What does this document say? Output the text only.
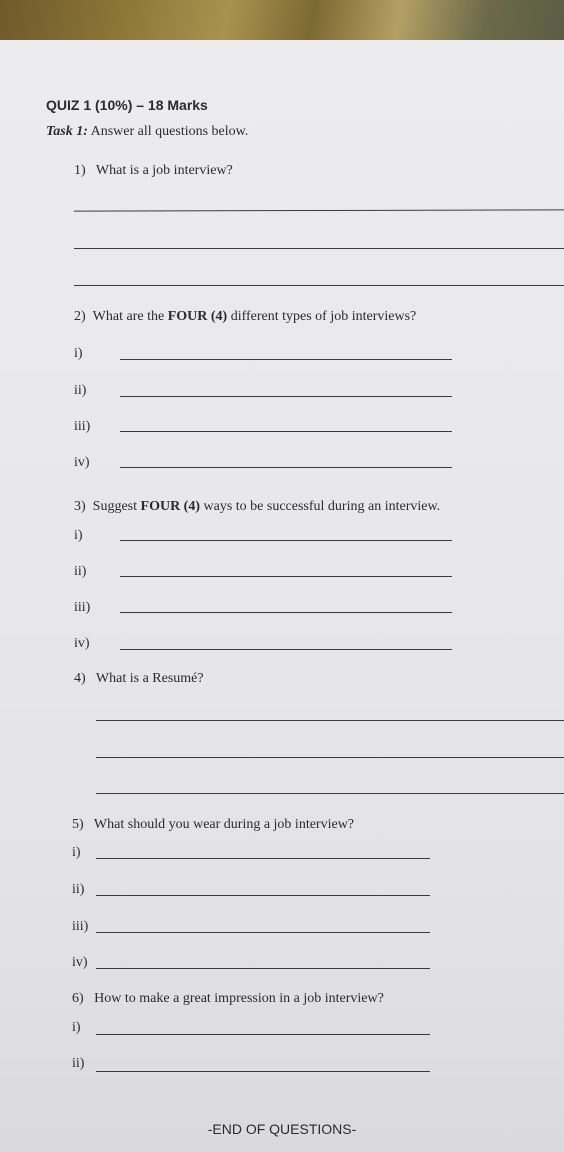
QUIZ 1 (10%) – 18 Marks
Task 1: Answer all questions below.
1) What is a job interview?
2) What are the FOUR (4) different types of job interviews?
i)
ii)
iii)
iv)
3) Suggest FOUR (4) ways to be successful during an interview.
i)
ii)
iii)
iv)
4) What is a Resumé?
5) What should you wear during a job interview?
i)
ii)
iii)
iv)
6) How to make a great impression in a job interview?
i)
ii)
-END OF QUESTIONS-
